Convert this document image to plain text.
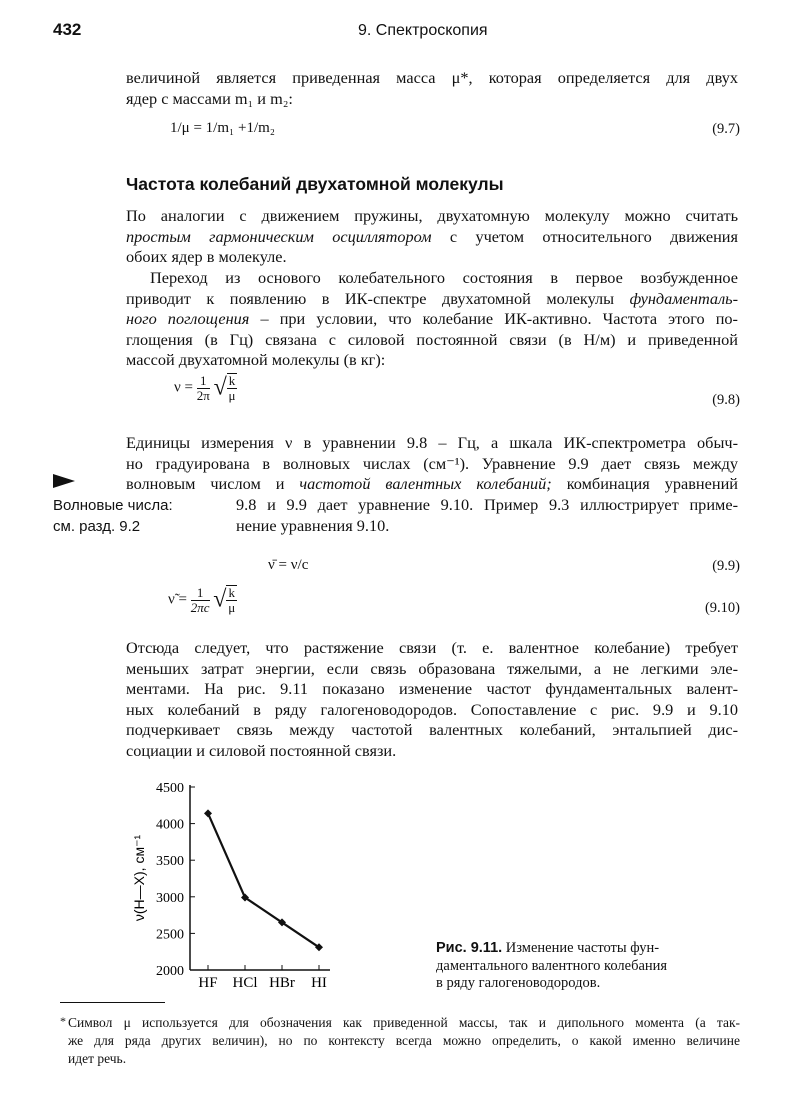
432	9. Спектроскопия
величиной является приведенная масса μ*, которая определяется для двух
ядер с массами m₁ и m₂:
1/μ = 1/m₁ +1/m₂	(9.7)
Частота колебаний двухатомной молекулы
По аналогии с движением пружины, двухатомную молекулу можно считать
простым гармоническим осциллятором с учетом относительного движения
обоих ядер в молекуле.
Переход из основого колебательного состояния в первое возбужденное
приводит к появлению в ИК-спектре двухатомной молекулы фундаменталь-
ного поглощения – при условии, что колебание ИК-активно. Частота этого по-
глощения (в Гц) связана с силовой постоянной связи (в Н/м) и приведенной
массой двухатомной молекулы (в кг):
$\nu = \frac{1}{2\pi}$ √ $\frac{k}{\mu}$	(9.8)
Единицы измерения ν в уравнении 9.8 – Гц, а шкала ИК-спектрометра обыч-
но градуирована в волновых числах (см⁻¹). Уравнение 9.9 дает связь между
волновым числом и частотой валентных колебаний; комбинация уравнений
9.8 и 9.9 дает уравнение 9.10. Пример 9.3 иллюстрирует приме-
нение уравнения 9.10.
Волновые числа:
см. разд. 9.2
ν̄ = ν/c	(9.9)
ν̃ = $\frac{1}{2\pi c}$ √ $\frac{k}{\mu}$	(9.10)
Отсюда следует, что растяжение связи (т. е. валентное колебание) требует
меньших затрат энергии, если связь образована тяжелыми, а не легкими эле-
ментами. На рис. 9.11 показано изменение частот фундаментальных валент-
ных колебаний в ряду галогеноводородов. Сопоставление с рис. 9.9 и 9.10
подчеркивает связь между частотой валентных колебаний, энтальпией дис-
социации и силовой постоянной связи.
2000
2500
3000
3500
4000
4500
HF HCl HBr HI
ν(H—X), см⁻¹
Рис. 9.11. Изменение частоты фун-
даментального валентного колебания
в ряду галогеноводородов.
* Символ μ используется для обозначения как приведенной массы, так и дипольного момента (а так-
же для ряда других величин), но по контексту всегда можно определить, о какой именно величине
идет речь.
